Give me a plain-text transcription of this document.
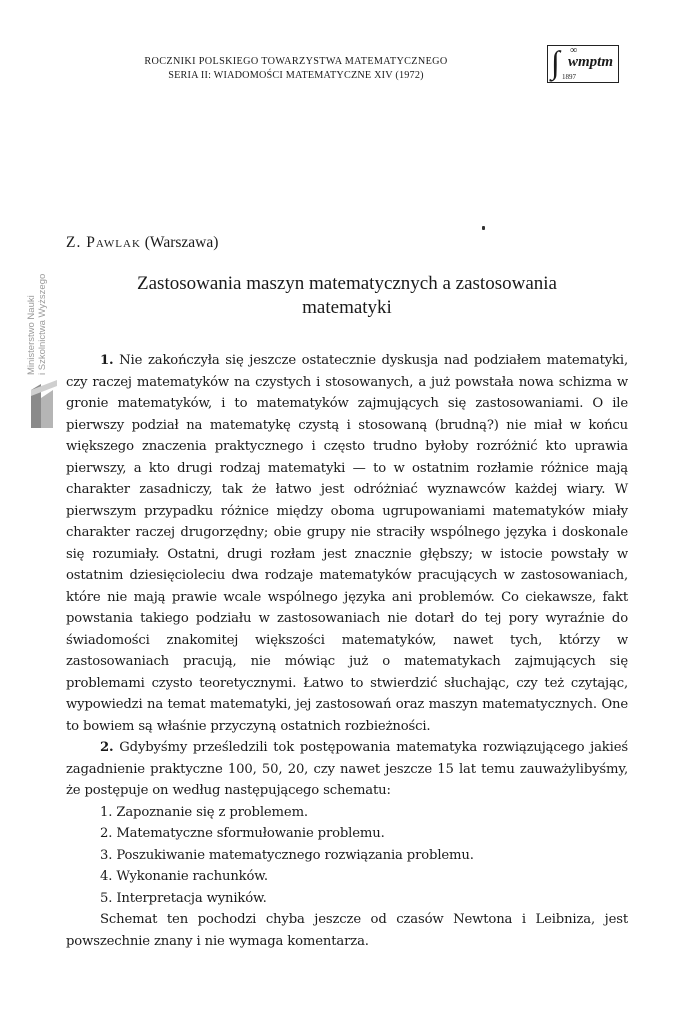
ROCZNIKI POLSKIEGO TOWARZYSTWA MATEMATYCZNEGO
SERIA II: WIADOMOŚCI MATEMATYCZNE XIV (1972)	∫ ∞
wmptm
1897
Ministerstwo Nauki
i Szkolnictwa Wyższego
Z. Pawlak (Warszawa)
Zastosowania maszyn matematycznych a zastosowania
matematyki

1. Nie zakończyła się jeszcze ostatecznie dyskusja nad podziałem matematyki, czy raczej matematyków na czystych i stosowanych, a już powstała nowa schizma w gronie matematyków, i to matematyków zajmujących się zastosowaniami. O ile pierwszy podział na matematykę czystą i stosowaną (brudną?) nie miał w końcu większego znaczenia praktycznego i często trudno byłoby rozróżnić kto uprawia pierwszy, a kto drugi rodzaj matematyki — to w ostatnim rozłamie różnice mają charakter zasadniczy, tak że łatwo jest odróżniać wyznawców każdej wiary. W pierwszym przypadku różnice między oboma ugrupowaniami matematyków miały charakter raczej drugorzędny; obie grupy nie straciły wspólnego języka i doskonale się rozumiały. Ostatni, drugi rozłam jest znacznie głębszy; w istocie powstały w ostatnim dziesięcioleciu dwa rodzaje matematyków pracujących w zastosowaniach, które nie mają prawie wcale wspólnego języka ani problemów. Co ciekawsze, fakt powstania takiego podziału w zastosowaniach nie dotarł do tej pory wyraźnie do świadomości znakomitej większości matematyków, nawet tych, którzy w zastosowaniach pracują, nie mówiąc już o matematykach zajmujących się problemami czysto teoretycznymi. Łatwo to stwierdzić słuchając, czy też czytając, wypowiedzi na temat matematyki, jej zastosowań oraz maszyn matematycznych. One to bowiem są właśnie przyczyną ostatnich rozbieżności.

2. Gdybyśmy prześledzili tok postępowania matematyka rozwiązującego jakieś zagadnienie praktyczne 100, 50, 20, czy nawet jeszcze 15 lat temu zauważylibyśmy, że postępuje on według następującego schematu:

1. Zapoznanie się z problemem.
2. Matematyczne sformułowanie problemu.
3. Poszukiwanie matematycznego rozwiązania problemu.
4. Wykonanie rachunków.
5. Interpretacja wyników.

Schemat ten pochodzi chyba jeszcze od czasów Newtona i Leibniza, jest powszechnie znany i nie wymaga komentarza.
